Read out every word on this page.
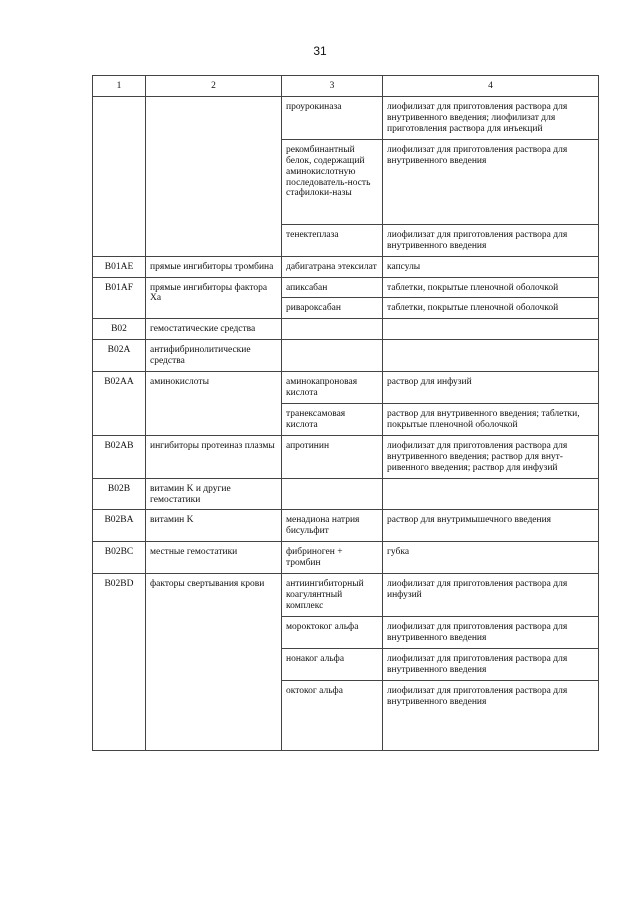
31
1	2	3	4
		проурокиназа	лиофилизат для приготовления раствора для внутривенного введения; лиофилизат для приготовления раствора для инъекций
		рекомбинантный белок, содержащий аминокислотную последователь-ность стафилоки-назы	лиофилизат для приготовления раствора для внутривенного введения
		тенектеплаза	лиофилизат для приготовления раствора для внутривенного введения
B01AE	прямые ингибиторы тромбина	дабигатрана этексилат	капсулы
B01AF	прямые ингибиторы фактора Xa	апиксабан	таблетки, покрытые пленочной оболочкой
		ривароксабан	таблетки, покрытые пленочной оболочкой
B02	гемостатические средства		
B02A	антифибринолитические средства		
B02AA	аминокислоты	аминокапроновая кислота	раствор для инфузий
		транексамовая кислота	раствор для внутривенного введения; таблетки, покрытые пленочной оболочкой
B02AB	ингибиторы протеиназ плазмы	апротинин	лиофилизат для приготовления раствора для внутривенного введения; раствор для внут-ривенного введения; раствор для инфузий
B02B	витамин K и другие гемостатики		
B02BA	витамин K	менадиона натрия бисульфит	раствор для внутримышечного введения
B02BC	местные гемостатики	фибриноген + тромбин	губка
B02BD	факторы свертывания крови	антиингибиторный коагулянтный комплекс	лиофилизат для приготовления раствора для инфузий
		мороктоког альфа	лиофилизат для приготовления раствора для внутривенного введения
		нонаког альфа	лиофилизат для приготовления раствора для внутривенного введения
		октоког альфа	лиофилизат для приготовления раствора для внутривенного введения
